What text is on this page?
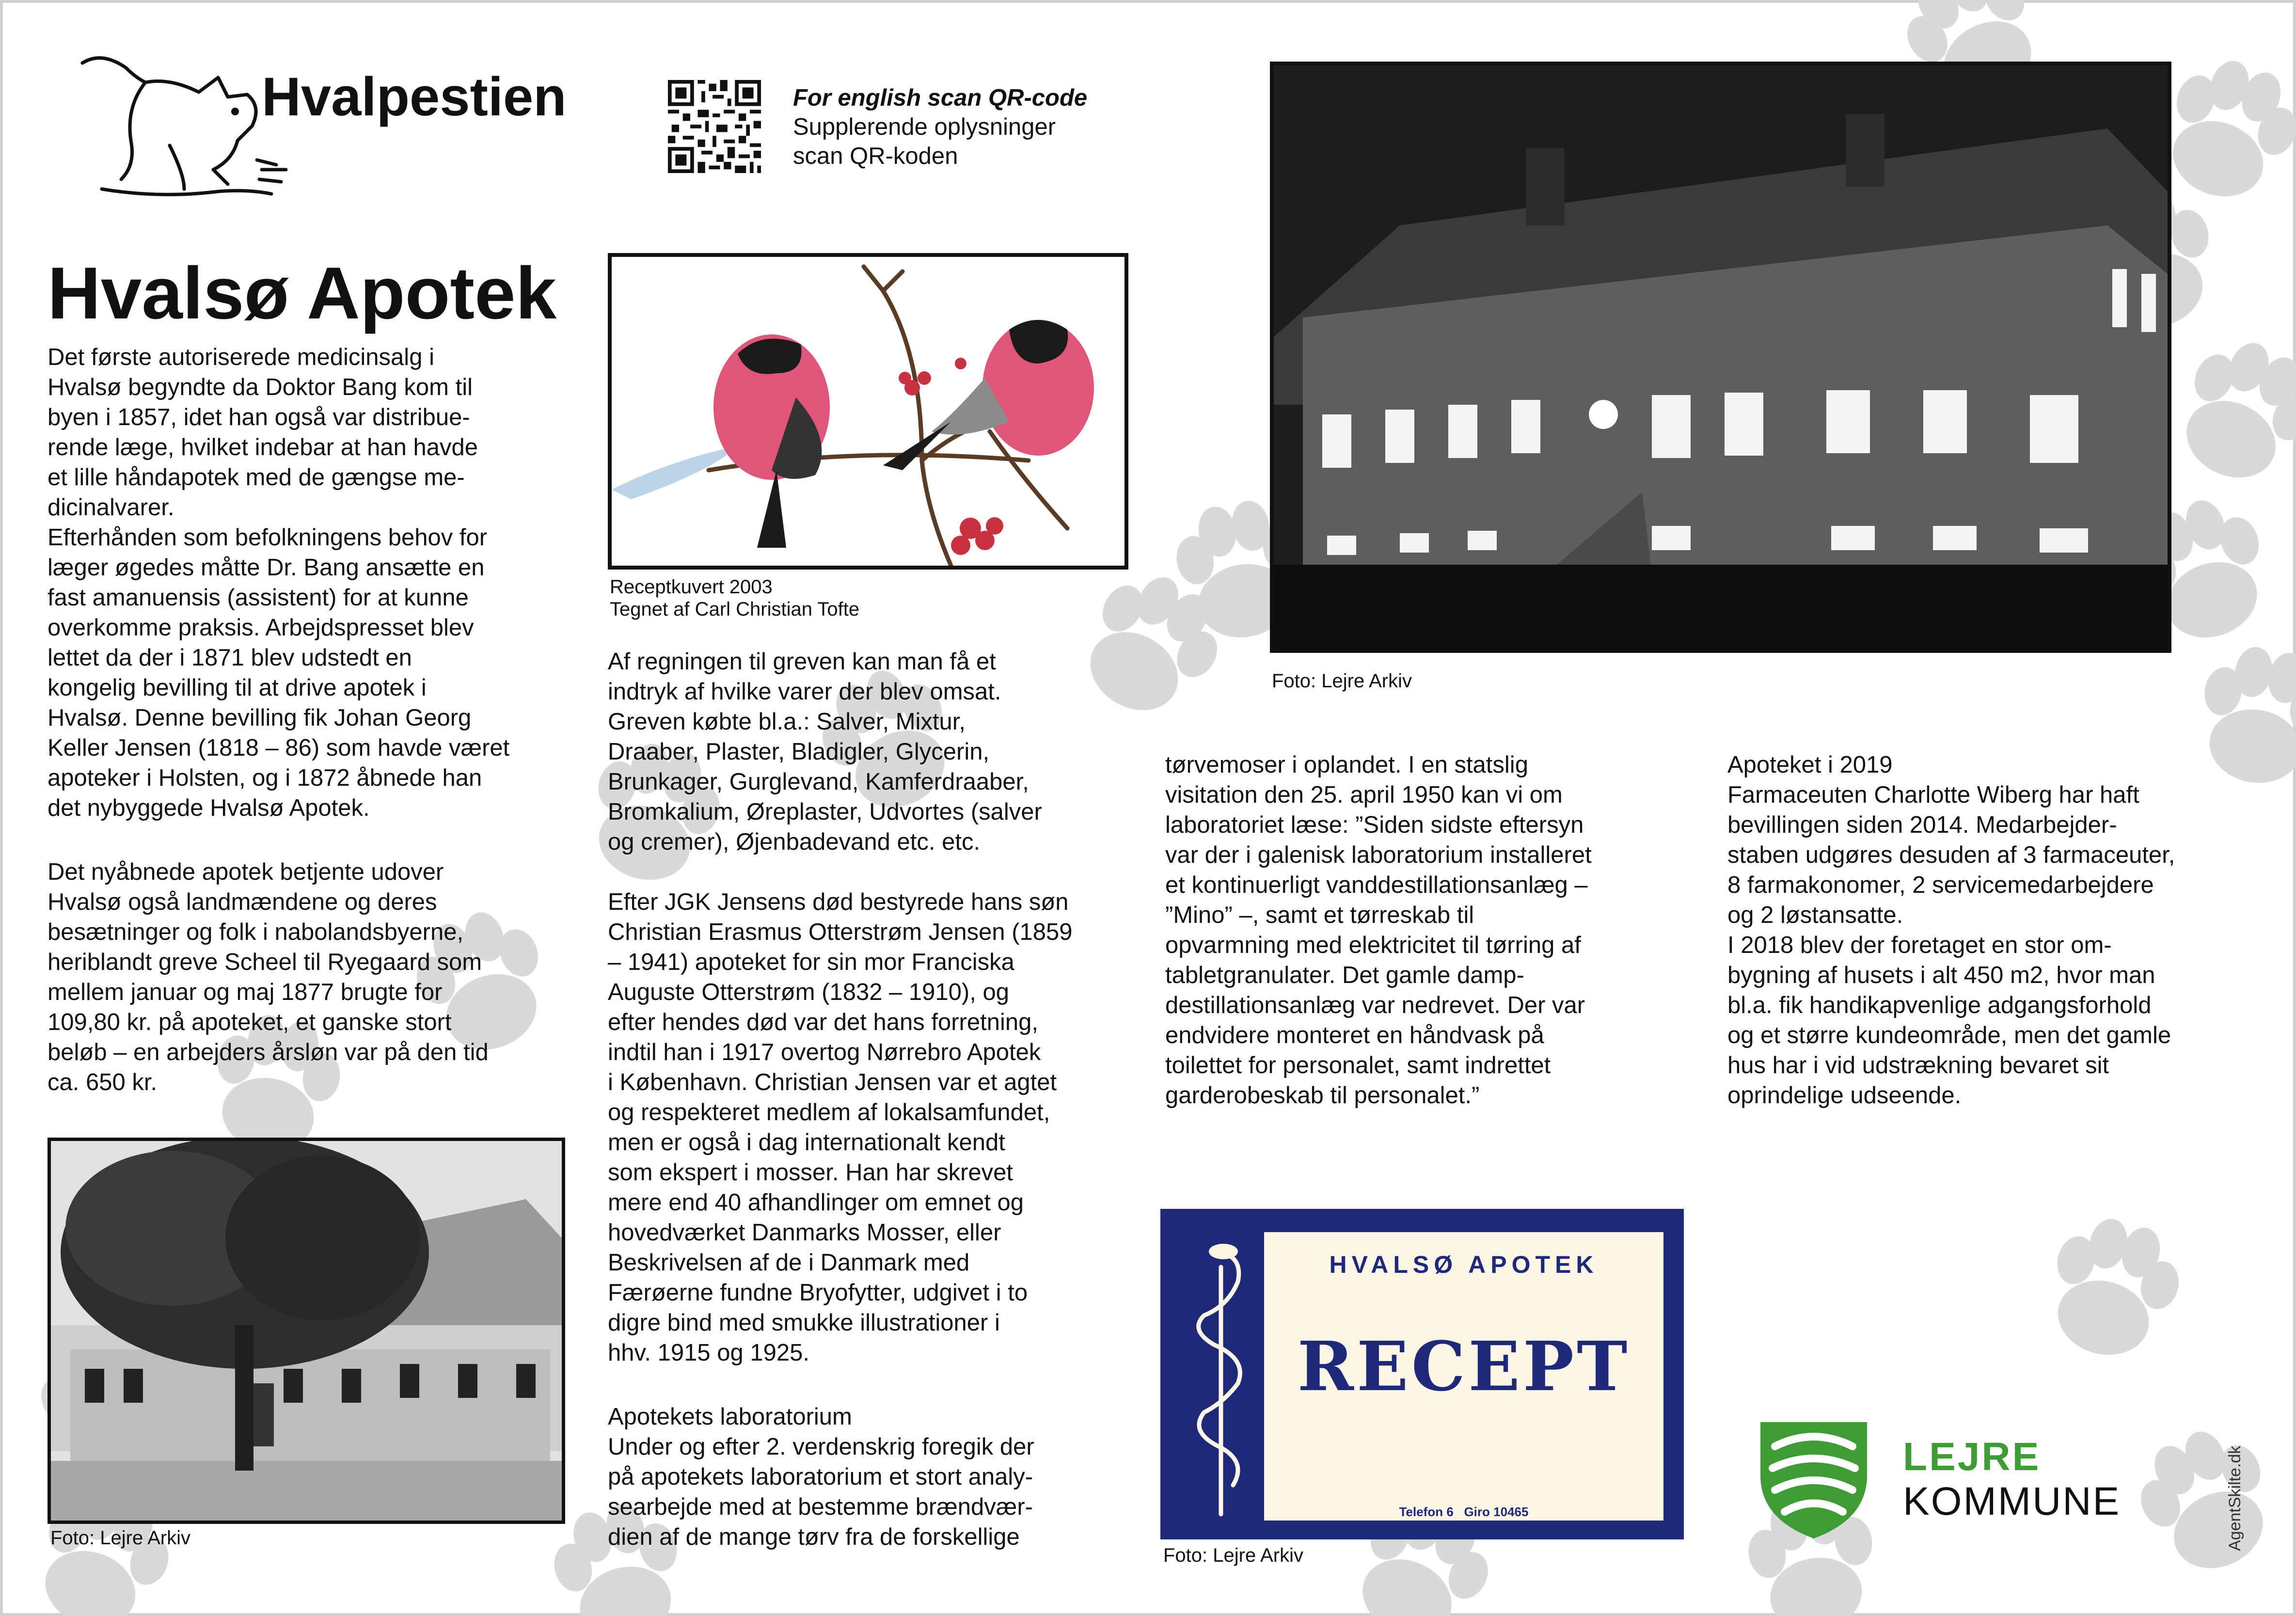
Hvalpestien	For english scan QR-code
Supplerende oplysninger
scan QR-koden
Hvalsø Apotek
Det første autoriserede medicinsalg i
Hvalsø begyndte da Doktor Bang kom til
byen i 1857, idet han også var distribue-
rende læge, hvilket indebar at han havde
et lille håndapotek med de gængse me-
dicinalvarer.
Efterhånden som befolkningens behov for
læger øgedes måtte Dr. Bang ansætte en
fast amanuensis (assistent) for at kunne
overkomme praksis. Arbejdspresset blev
lettet da der i 1871 blev udstedt en
kongelig bevilling til at drive apotek i
Hvalsø. Denne bevilling fik Johan Georg
Keller Jensen (1818 – 86) som havde været
apoteker i Holsten, og i 1872 åbnede han
det nybyggede Hvalsø Apotek.
Det nyåbnede apotek betjente udover
Hvalsø også landmændene og deres
besætninger og folk i nabolandsbyerne,
heriblandt greve Scheel til Ryegaard som
mellem januar og maj 1877 brugte for
109,80 kr. på apoteket, et ganske stort
beløb – en arbejders årsløn var på den tid
ca. 650 kr.
Foto: Lejre Arkiv
Receptkuvert 2003
Tegnet af Carl Christian Tofte
Af regningen til greven kan man få et
indtryk af hvilke varer der blev omsat.
Greven købte bl.a.: Salver, Mixtur,
Draaber, Plaster, Bladigler, Glycerin,
Brunkager, Gurglevand, Kamferdraaber,
Bromkalium, Øreplaster, Udvortes (salver
og cremer), Øjenbadevand etc. etc.
Efter JGK Jensens død bestyrede hans søn
Christian Erasmus Otterstrøm Jensen (1859
– 1941) apoteket for sin mor Franciska
Auguste Otterstrøm (1832 – 1910), og
efter hendes død var det hans forretning,
indtil han i 1917 overtog Nørrebro Apotek
i København. Christian Jensen var et agtet
og respekteret medlem af lokalsamfundet,
men er også i dag internationalt kendt
som ekspert i mosser. Han har skrevet
mere end 40 afhandlinger om emnet og
hovedværket Danmarks Mosser, eller
Beskrivelsen af de i Danmark med
Færøerne fundne Bryofytter, udgivet i to
digre bind med smukke illustrationer i
hhv. 1915 og 1925.
Apotekets laboratorium
Under og efter 2. verdenskrig foregik der
på apotekets laboratorium et stort analy-
searbejde med at bestemme brændvær-
dien af de mange tørv fra de forskellige
Foto: Lejre Arkiv
tørvemoser i oplandet. I en statslig
visitation den 25. april 1950 kan vi om
laboratoriet læse: ”Siden sidste eftersyn
var der i galenisk laboratorium installeret
et kontinuerligt vanddestillationsanlæg –
”Mino” –, samt et tørreskab til
opvarmning med elektricitet til tørring af
tabletgranulater. Det gamle damp-
destillationsanlæg var nedrevet. Der var
endvidere monteret en håndvask på
toilettet for personalet, samt indrettet
garderobeskab til personalet.”
HVALSØ APOTEK
RECEPT
Telefon 6   Giro 10465
Foto: Lejre Arkiv
Apoteket i 2019
Farmaceuten Charlotte Wiberg har haft
bevillingen siden 2014. Medarbejder-
staben udgøres desuden af 3 farmaceuter,
8 farmakonomer, 2 servicemedarbejdere
og 2 løstansatte.
I 2018 blev der foretaget en stor om-
bygning af husets i alt 450 m2, hvor man
bl.a. fik handikapvenlige adgangsforhold
og et større kundeområde, men det gamle
hus har i vid udstrækning bevaret sit
oprindelige udseende.
LEJRE
KOMMUNE	AgentSkilte.dk
